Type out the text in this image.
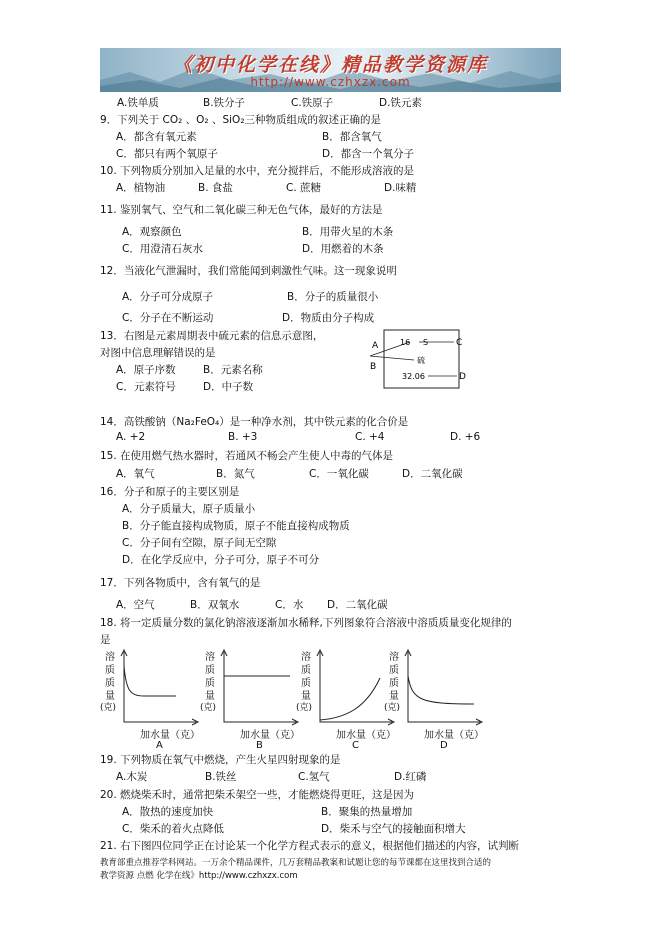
《初中化学在线》精品教学资源库
http://www.czhxzx.com
A.铁单质	B.铁分子	C.铁原子	D.铁元素
9．下列关于 CO₂ 、O₂ 、SiO₂三种物质组成的叙述正确的是
A．都含有氧元素	B．都含氧气
C．都只有两个氧原子	D．都含一个氧分子
10. 下列物质分别加入足量的水中，充分搅拌后，不能形成溶液的是
A．植物油	B. 食盐	C. 蔗糖	D.味精
11. 鉴别氧气、空气和二氧化碳三种无色气体，最好的方法是
A．观察颜色	B．用带火星的木条
C．用澄清石灰水	D．用燃着的木条
12．当液化气泄漏时，我们常能闻到刺激性气味。这一现象说明
A．分子可分成原子	B．分子的质量很小
C．分子在不断运动	D．物质由分子构成
13．右图是元素周期表中硫元素的信息示意图，
对图中信息理解错误的是
A．原子序数	B．元素名称
C．元素符号	D．中子数
16 S
硫
32.06
A
B
C
D
14．高铁酸钠（Na₂FeO₄）是一种净水剂，其中铁元素的化合价是
A. +2	B. +3	C. +4	D. +6
15. 在使用燃气热水器时，若通风不畅会产生使人中毒的气体是
A．氧气	B．氮气	C．一氧化碳	D．二氧化碳
16．分子和原子的主要区别是
A．分子质量大，原子质量小
B．分子能直接构成物质，原子不能直接构成物质
C．分子间有空隙，原子间无空隙
D．在化学反应中，分子可分，原子不可分
17．下列各物质中，含有氧气的是
A．空气	B．双氧水	C．水 D．二氧化碳
18. 将一定质量分数的氯化钠溶液逐渐加水稀释,下列图象符合溶液中溶质质量变化规律的
是
溶
质
质
量
(克)
加水量（克）
A
溶
质
质
量
(克)
加水量（克）
B
溶
质
质
量
(克)
加水量（克）
C
溶
质
质
量
(克)
加水量（克）
D
19. 下列物质在氧气中燃烧，产生火星四射现象的是
A.木炭	B.铁丝	C.氢气	D.红磷
20. 燃烧柴禾时，通常把柴禾架空一些，才能燃烧得更旺，这是因为
A．散热的速度加快	B．聚集的热量增加
C．柴禾的着火点降低	D．柴禾与空气的接触面积增大
21. 右下图四位同学正在讨论某一个化学方程式表示的意义，根据他们描述的内容，试判断
教育部重点推荐学科网站。一万余个精品课件，几万套精品教案和试题让您的每节课都在这里找到合适的
教学资源 点燃 化学在线》http://www.czhxzx.com
